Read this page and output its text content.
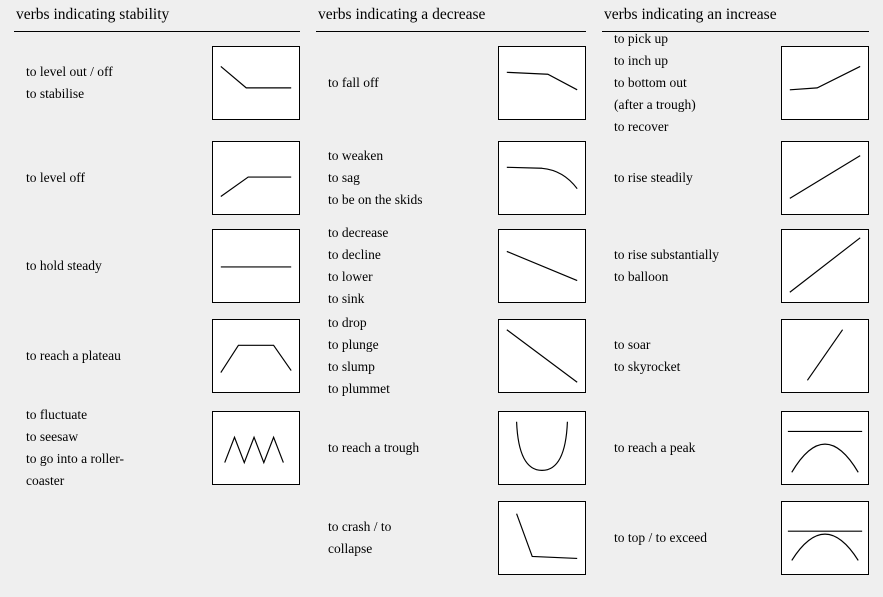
verbs indicating stability
to level out / off
to stabilise
to level off
to hold steady
to reach a plateau
to fluctuate
to seesaw
to go into a roller-
coaster
verbs indicating a decrease
to fall off
to weaken
to sag
to be on the skids
to decrease
to decline
to lower
to sink
to drop
to plunge
to slump
to plummet
to reach a trough
to crash / to
collapse
verbs indicating an increase
to pick up
to inch up
to bottom out
(after a trough)
to recover
to rise steadily
to rise substantially
to balloon
to soar
to skyrocket
to reach a peak
to top / to exceed
